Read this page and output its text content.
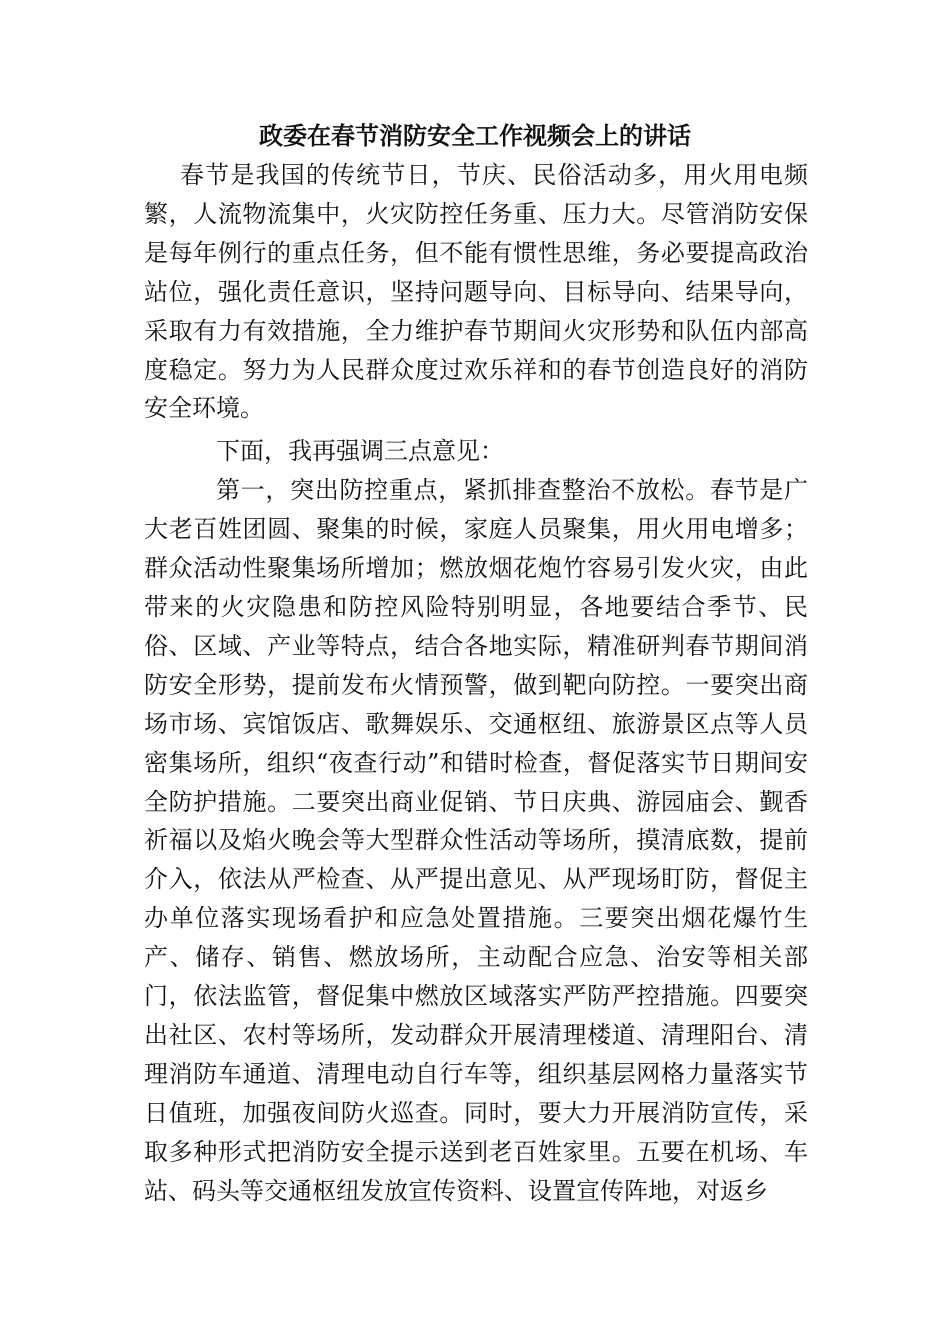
政委在春节消防安全工作视频会上的讲话

春节是我国的传统节日，节庆、民俗活动多，用火用电频繁，人流物流集中，火灾防控任务重、压力大。尽管消防安保是每年例行的重点任务，但不能有惯性思维，务必要提高政治站位，强化责任意识，坚持问题导向、目标导向、结果导向，采取有力有效措施，全力维护春节期间火灾形势和队伍内部高度稳定。努力为人民群众度过欢乐祥和的春节创造良好的消防安全环境。

下面，我再强调三点意见：

第一，突出防控重点，紧抓排查整治不放松。春节是广大老百姓团圆、聚集的时候，家庭人员聚集，用火用电增多；群众活动性聚集场所增加；燃放烟花炮竹容易引发火灾，由此带来的火灾隐患和防控风险特别明显，各地要结合季节、民俗、区域、产业等特点，结合各地实际，精准研判春节期间消防安全形势，提前发布火情预警，做到靶向防控。一要突出商场市场、宾馆饭店、歌舞娱乐、交通枢纽、旅游景区点等人员密集场所，组织“夜查行动”和错时检查，督促落实节日期间安全防护措施。二要突出商业促销、节日庆典、游园庙会、觐香祈福以及焰火晚会等大型群众性活动等场所，摸清底数，提前介入，依法从严检查、从严提出意见、从严现场盯防，督促主办单位落实现场看护和应急处置措施。三要突出烟花爆竹生产、储存、销售、燃放场所，主动配合应急、治安等相关部门，依法监管，督促集中燃放区域落实严防严控措施。四要突出社区、农村等场所，发动群众开展清理楼道、清理阳台、清理消防车通道、清理电动自行车等，组织基层网格力量落实节日值班，加强夜间防火巡查。同时，要大力开展消防宣传，采取多种形式把消防安全提示送到老百姓家里。五要在机场、车站、码头等交通枢纽发放宣传资料、设置宣传阵地，对返乡
